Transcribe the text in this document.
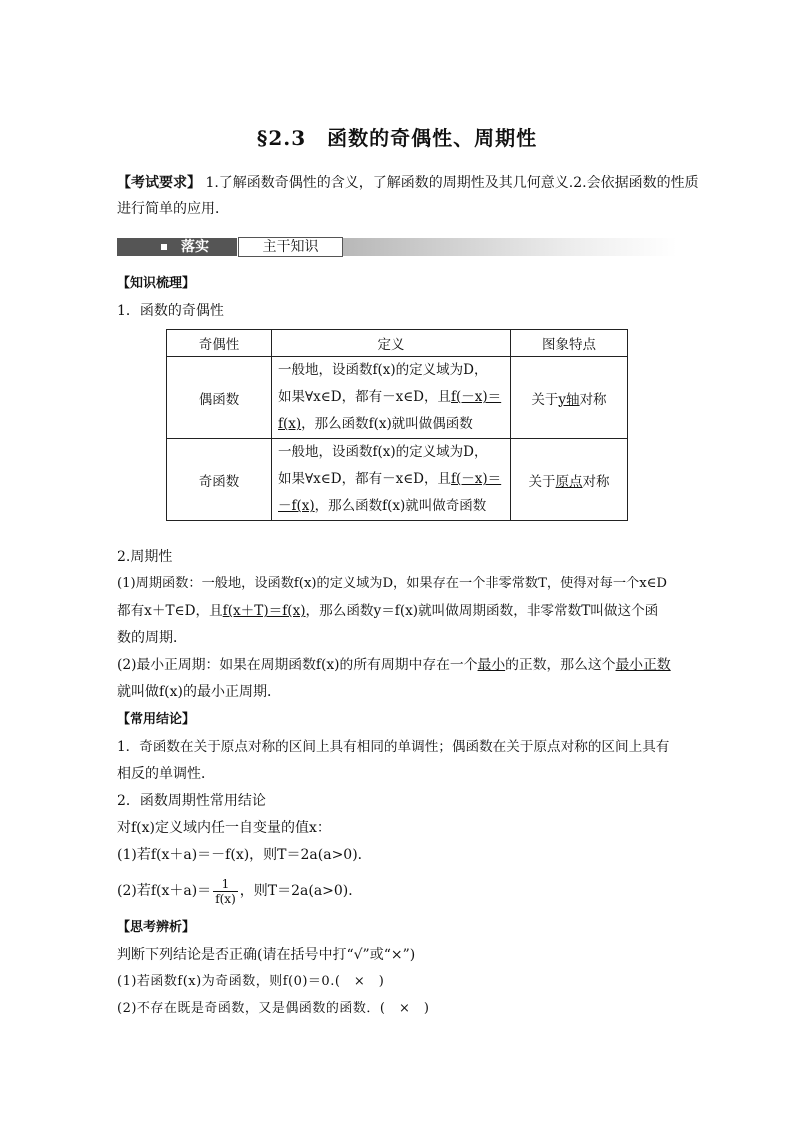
§2.3　函数的奇偶性、周期性
【考试要求】 1.了解函数奇偶性的含义，了解函数的周期性及其几何意义.2.会依据函数的性质
进行简单的应用．
落实	主干知识
【知识梳理】
1．函数的奇偶性
奇偶性	定义	图象特点
偶函数	一般地，设函数f(x)的定义域为D，
如果∀x∈D，都有－x∈D，且f(－x)＝
f(x)，那么函数f(x)就叫做偶函数	关于y轴对称
奇函数	一般地，设函数f(x)的定义域为D，
如果∀x∈D，都有－x∈D，且f(－x)＝
－f(x)，那么函数f(x)就叫做奇函数	关于原点对称
2.周期性
(1)周期函数：一般地，设函数f(x)的定义域为D，如果存在一个非零常数T，使得对每一个x∈D
都有x＋T∈D，且f(x＋T)＝f(x)，那么函数y＝f(x)就叫做周期函数，非零常数T叫做这个函
数的周期．
(2)最小正周期：如果在周期函数f(x)的所有周期中存在一个最小的正数，那么这个最小正数
就叫做f(x)的最小正周期．
【常用结论】
1．奇函数在关于原点对称的区间上具有相同的单调性；偶函数在关于原点对称的区间上具有
相反的单调性．
2．函数周期性常用结论
对f(x)定义域内任一自变量的值x：
(1)若f(x＋a)＝－f(x)，则T＝2a(a>0)．
(2)若$f(x+a)= \frac{1}{f(x)}$ ，则T＝2a(a>0)．
【思考辨析】
判断下列结论是否正确(请在括号中打“√”或“×”)
(1)若函数f(x)为奇函数，则f(0)＝0.(　×　)
(2)不存在既是奇函数，又是偶函数的函数．(　×　)
